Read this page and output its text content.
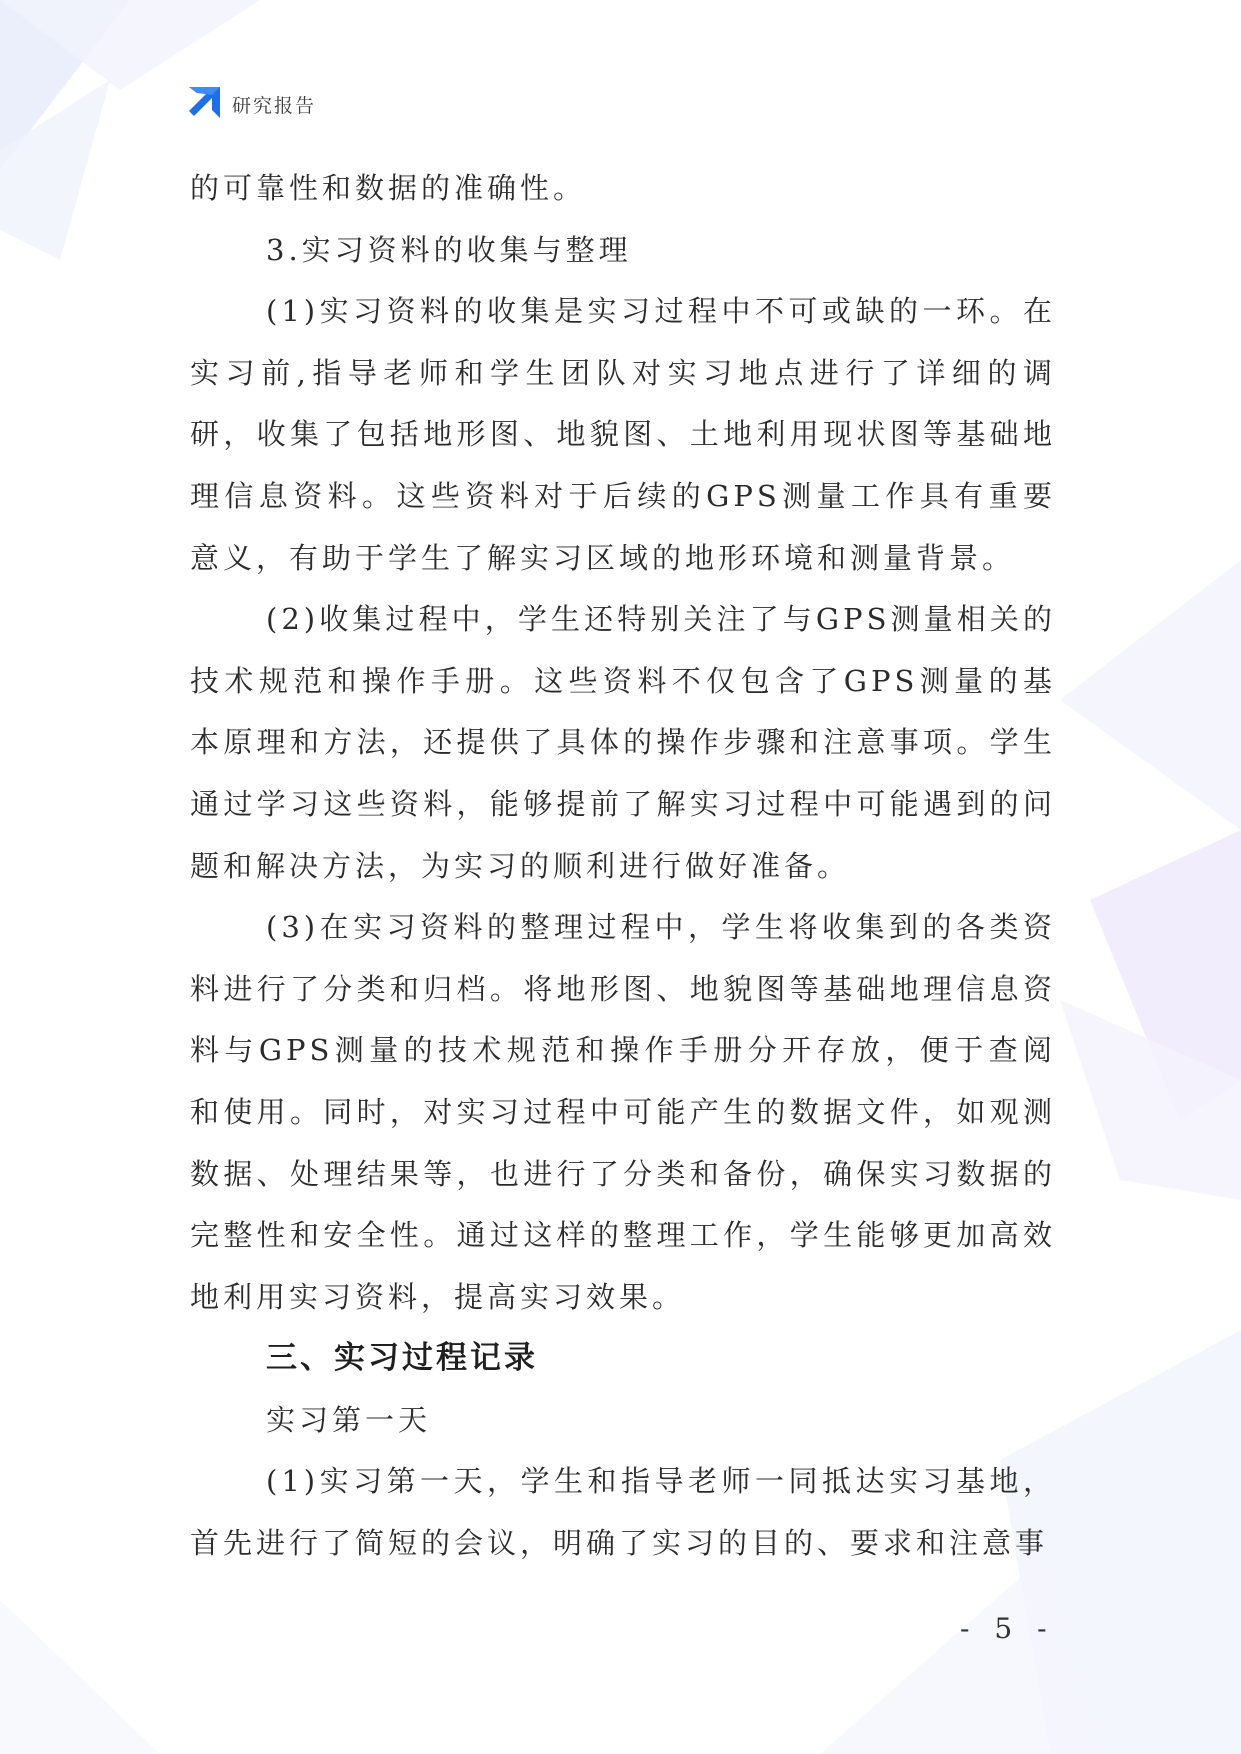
研究报告

的可靠性和数据的准确性。

3.实习资料的收集与整理

(1)实习资料的收集是实习过程中不可或缺的一环。在实习前,指导老师和学生团队对实习地点进行了详细的调研，收集了包括地形图、地貌图、土地利用现状图等基础地理信息资料。这些资料对于后续的GPS测量工作具有重要意义，有助于学生了解实习区域的地形环境和测量背景。

(2)收集过程中，学生还特别关注了与GPS测量相关的技术规范和操作手册。这些资料不仅包含了GPS测量的基本原理和方法，还提供了具体的操作步骤和注意事项。学生通过学习这些资料，能够提前了解实习过程中可能遇到的问题和解决方法，为实习的顺利进行做好准备。

(3)在实习资料的整理过程中，学生将收集到的各类资料进行了分类和归档。将地形图、地貌图等基础地理信息资料与GPS测量的技术规范和操作手册分开存放，便于查阅和使用。同时，对实习过程中可能产生的数据文件，如观测数据、处理结果等，也进行了分类和备份，确保实习数据的完整性和安全性。通过这样的整理工作，学生能够更加高效地利用实习资料，提高实习效果。

三、实习过程记录

实习第一天

(1)实习第一天，学生和指导老师一同抵达实习基地，首先进行了简短的会议，明确了实习的目的、要求和注意事

- 5 -
